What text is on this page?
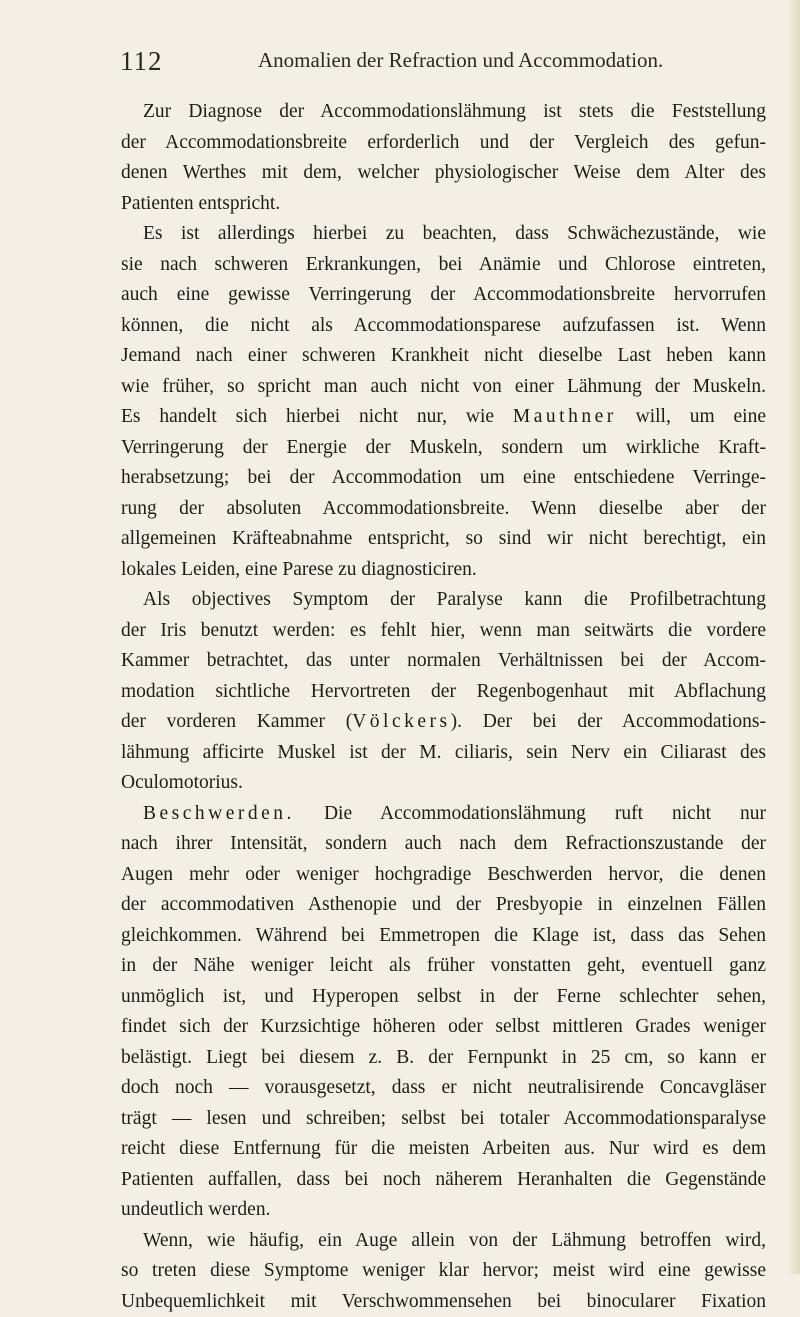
112	Anomalien der Refraction und Accommodation.
Zur Diagnose der Accommodationslähmung ist stets die Feststellung
der Accommodationsbreite erforderlich und der Vergleich des gefun-
denen Werthes mit dem, welcher physiologischer Weise dem Alter des
Patienten entspricht.
Es ist allerdings hierbei zu beachten, dass Schwächezustände, wie
sie nach schweren Erkrankungen, bei Anämie und Chlorose eintreten,
auch eine gewisse Verringerung der Accommodationsbreite hervorrufen
können, die nicht als Accommodationsparese aufzufassen ist. Wenn
Jemand nach einer schweren Krankheit nicht dieselbe Last heben kann
wie früher, so spricht man auch nicht von einer Lähmung der Muskeln.
Es handelt sich hierbei nicht nur, wie Mauthner will, um eine
Verringerung der Energie der Muskeln, sondern um wirkliche Kraft-
herabsetzung; bei der Accommodation um eine entschiedene Verringe-
rung der absoluten Accommodationsbreite. Wenn dieselbe aber der
allgemeinen Kräfteabnahme entspricht, so sind wir nicht berechtigt, ein
lokales Leiden, eine Parese zu diagnosticiren.
Als objectives Symptom der Paralyse kann die Profilbetrachtung
der Iris benutzt werden: es fehlt hier, wenn man seitwärts die vordere
Kammer betrachtet, das unter normalen Verhältnissen bei der Accom-
modation sichtliche Hervortreten der Regenbogenhaut mit Abflachung
der vorderen Kammer (Völckers). Der bei der Accommodations-
lähmung afficirte Muskel ist der M. ciliaris, sein Nerv ein Ciliarast des
Oculomotorius.
Beschwerden. Die Accommodationslähmung ruft nicht nur
nach ihrer Intensität, sondern auch nach dem Refractionszustande der
Augen mehr oder weniger hochgradige Beschwerden hervor, die denen
der accommodativen Asthenopie und der Presbyopie in einzelnen Fällen
gleichkommen. Während bei Emmetropen die Klage ist, dass das Sehen
in der Nähe weniger leicht als früher vonstatten geht, eventuell ganz
unmöglich ist, und Hyperopen selbst in der Ferne schlechter sehen,
findet sich der Kurzsichtige höheren oder selbst mittleren Grades weniger
belästigt. Liegt bei diesem z. B. der Fernpunkt in 25 cm, so kann er
doch noch — vorausgesetzt, dass er nicht neutralisirende Concavgläser
trägt — lesen und schreiben; selbst bei totaler Accommodationsparalyse
reicht diese Entfernung für die meisten Arbeiten aus. Nur wird es dem
Patienten auffallen, dass bei noch näherem Heranhalten die Gegenstände
undeutlich werden.
Wenn, wie häufig, ein Auge allein von der Lähmung betroffen wird,
so treten diese Symptome weniger klar hervor; meist wird eine gewisse
Unbequemlichkeit mit Verschwommensehen bei binocularer Fixation
